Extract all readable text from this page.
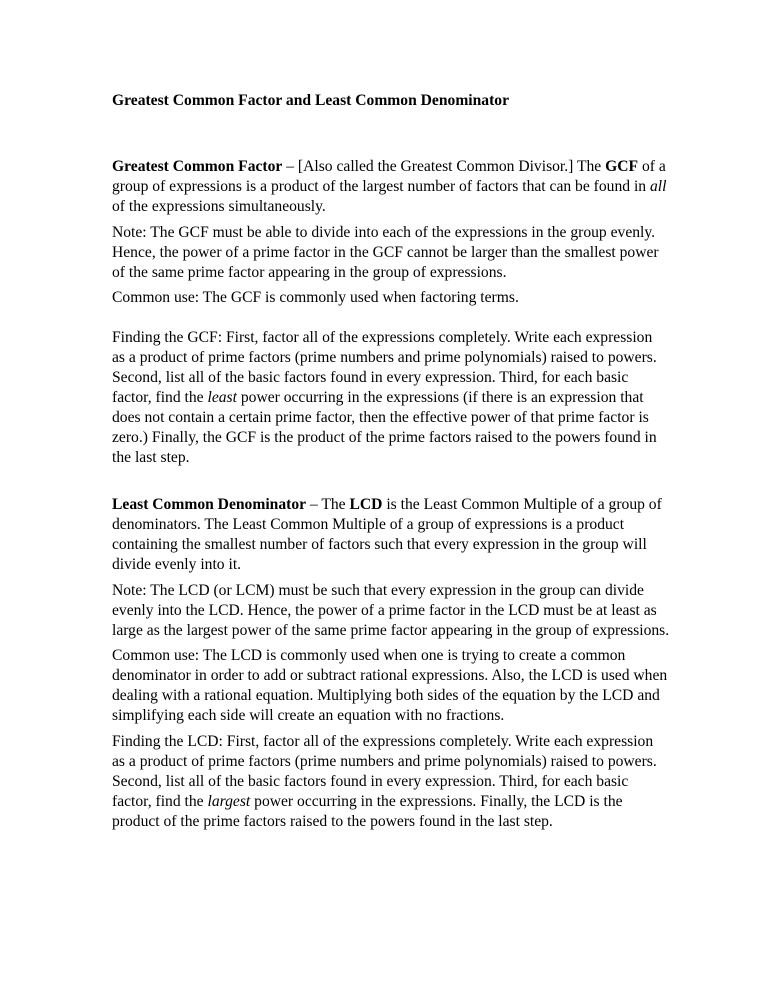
Greatest Common Factor and Least Common Denominator

Greatest Common Factor – [Also called the Greatest Common Divisor.] The GCF of a
group of expressions is a product of the largest number of factors that can be found in all
of the expressions simultaneously.

Note: The GCF must be able to divide into each of the expressions in the group evenly.
Hence, the power of a prime factor in the GCF cannot be larger than the smallest power
of the same prime factor appearing in the group of expressions.

Common use: The GCF is commonly used when factoring terms.

Finding the GCF: First, factor all of the expressions completely. Write each expression
as a product of prime factors (prime numbers and prime polynomials) raised to powers.
Second, list all of the basic factors found in every expression. Third, for each basic
factor, find the least power occurring in the expressions (if there is an expression that
does not contain a certain prime factor, then the effective power of that prime factor is
zero.) Finally, the GCF is the product of the prime factors raised to the powers found in
the last step.

Least Common Denominator – The LCD is the Least Common Multiple of a group of
denominators. The Least Common Multiple of a group of expressions is a product
containing the smallest number of factors such that every expression in the group will
divide evenly into it.

Note: The LCD (or LCM) must be such that every expression in the group can divide
evenly into the LCD. Hence, the power of a prime factor in the LCD must be at least as
large as the largest power of the same prime factor appearing in the group of expressions.

Common use: The LCD is commonly used when one is trying to create a common
denominator in order to add or subtract rational expressions. Also, the LCD is used when
dealing with a rational equation. Multiplying both sides of the equation by the LCD and
simplifying each side will create an equation with no fractions.

Finding the LCD: First, factor all of the expressions completely. Write each expression
as a product of prime factors (prime numbers and prime polynomials) raised to powers.
Second, list all of the basic factors found in every expression. Third, for each basic
factor, find the largest power occurring in the expressions. Finally, the LCD is the
product of the prime factors raised to the powers found in the last step.
